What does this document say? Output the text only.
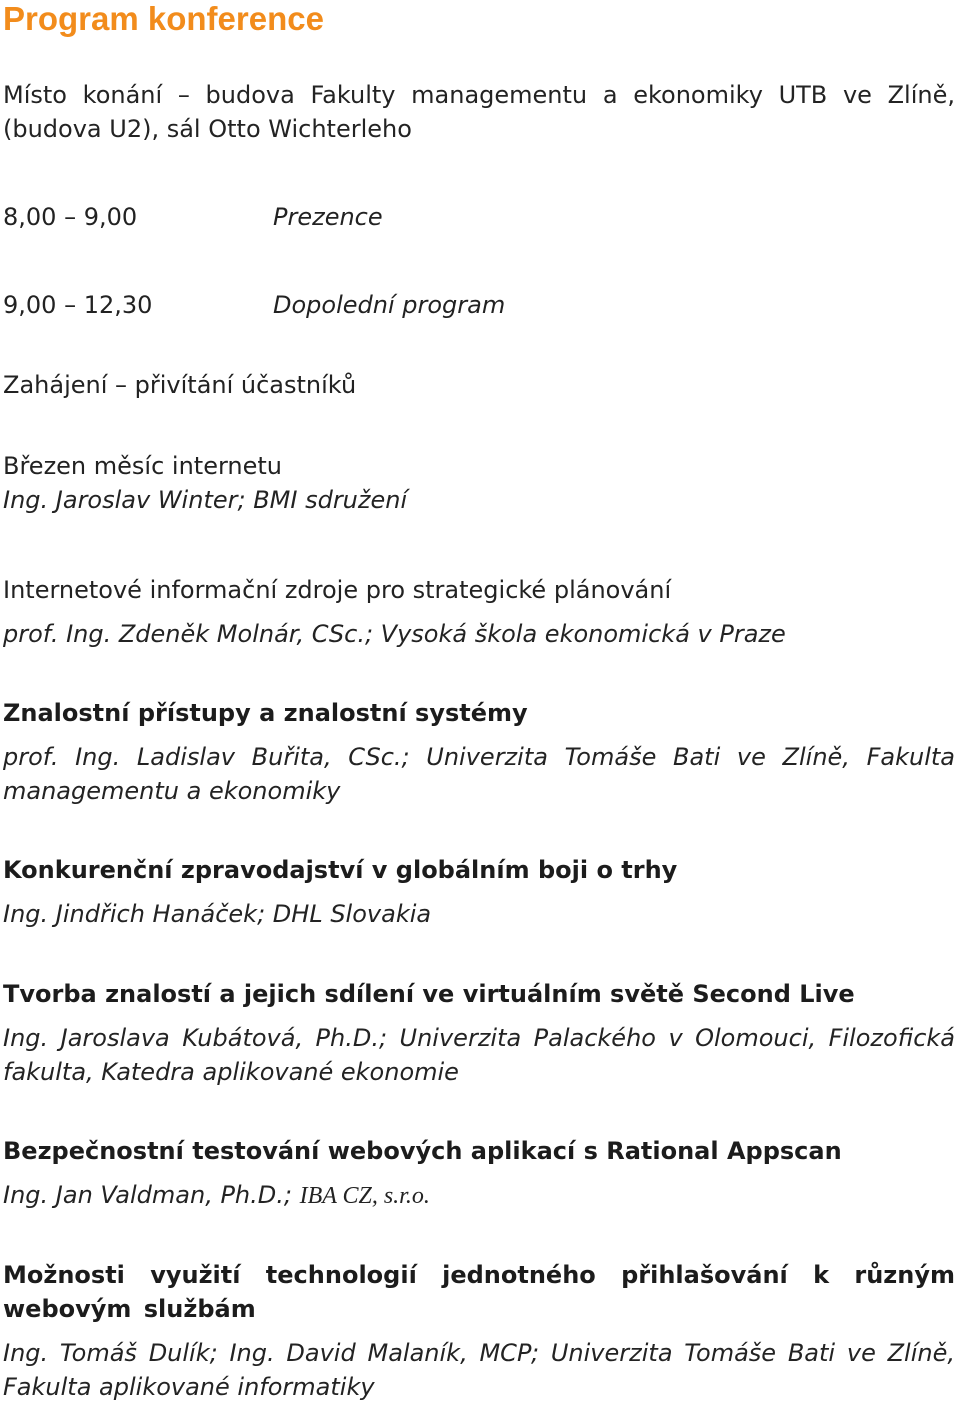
Program konference
Místo konání – budova Fakulty managementu a ekonomiky UTB ve Zlíně, (budova U2), sál Otto Wichterleho
8,00 – 9,00	Prezence
9,00 – 12,30	Dopolední program
Zahájení – přivítání účastníků
Březen měsíc internetu
Ing. Jaroslav Winter; BMI sdružení
Internetové informační zdroje pro strategické plánování
prof. Ing. Zdeněk Molnár, CSc.; Vysoká škola ekonomická v Praze
Znalostní přístupy a znalostní systémy
prof. Ing. Ladislav Buřita, CSc.; Univerzita Tomáše Bati ve Zlíně, Fakulta managementu a ekonomiky
Konkurenční zpravodajství v globálním boji o trhy
Ing. Jindřich Hanáček; DHL Slovakia
Tvorba znalostí a jejich sdílení ve virtuálním světě Second Live
Ing. Jaroslava Kubátová, Ph.D.; Univerzita Palackého v Olomouci, Filozofická fakulta, Katedra aplikované ekonomie
Bezpečnostní testování webových aplikací s Rational Appscan
Ing. Jan Valdman, Ph.D.; IBA CZ, s.r.o.
Možnosti využití technologií jednotného přihlašování k různým webovým službám
Ing. Tomáš Dulík; Ing. David Malaník, MCP; Univerzita Tomáše Bati ve Zlíně, Fakulta aplikované informatiky
